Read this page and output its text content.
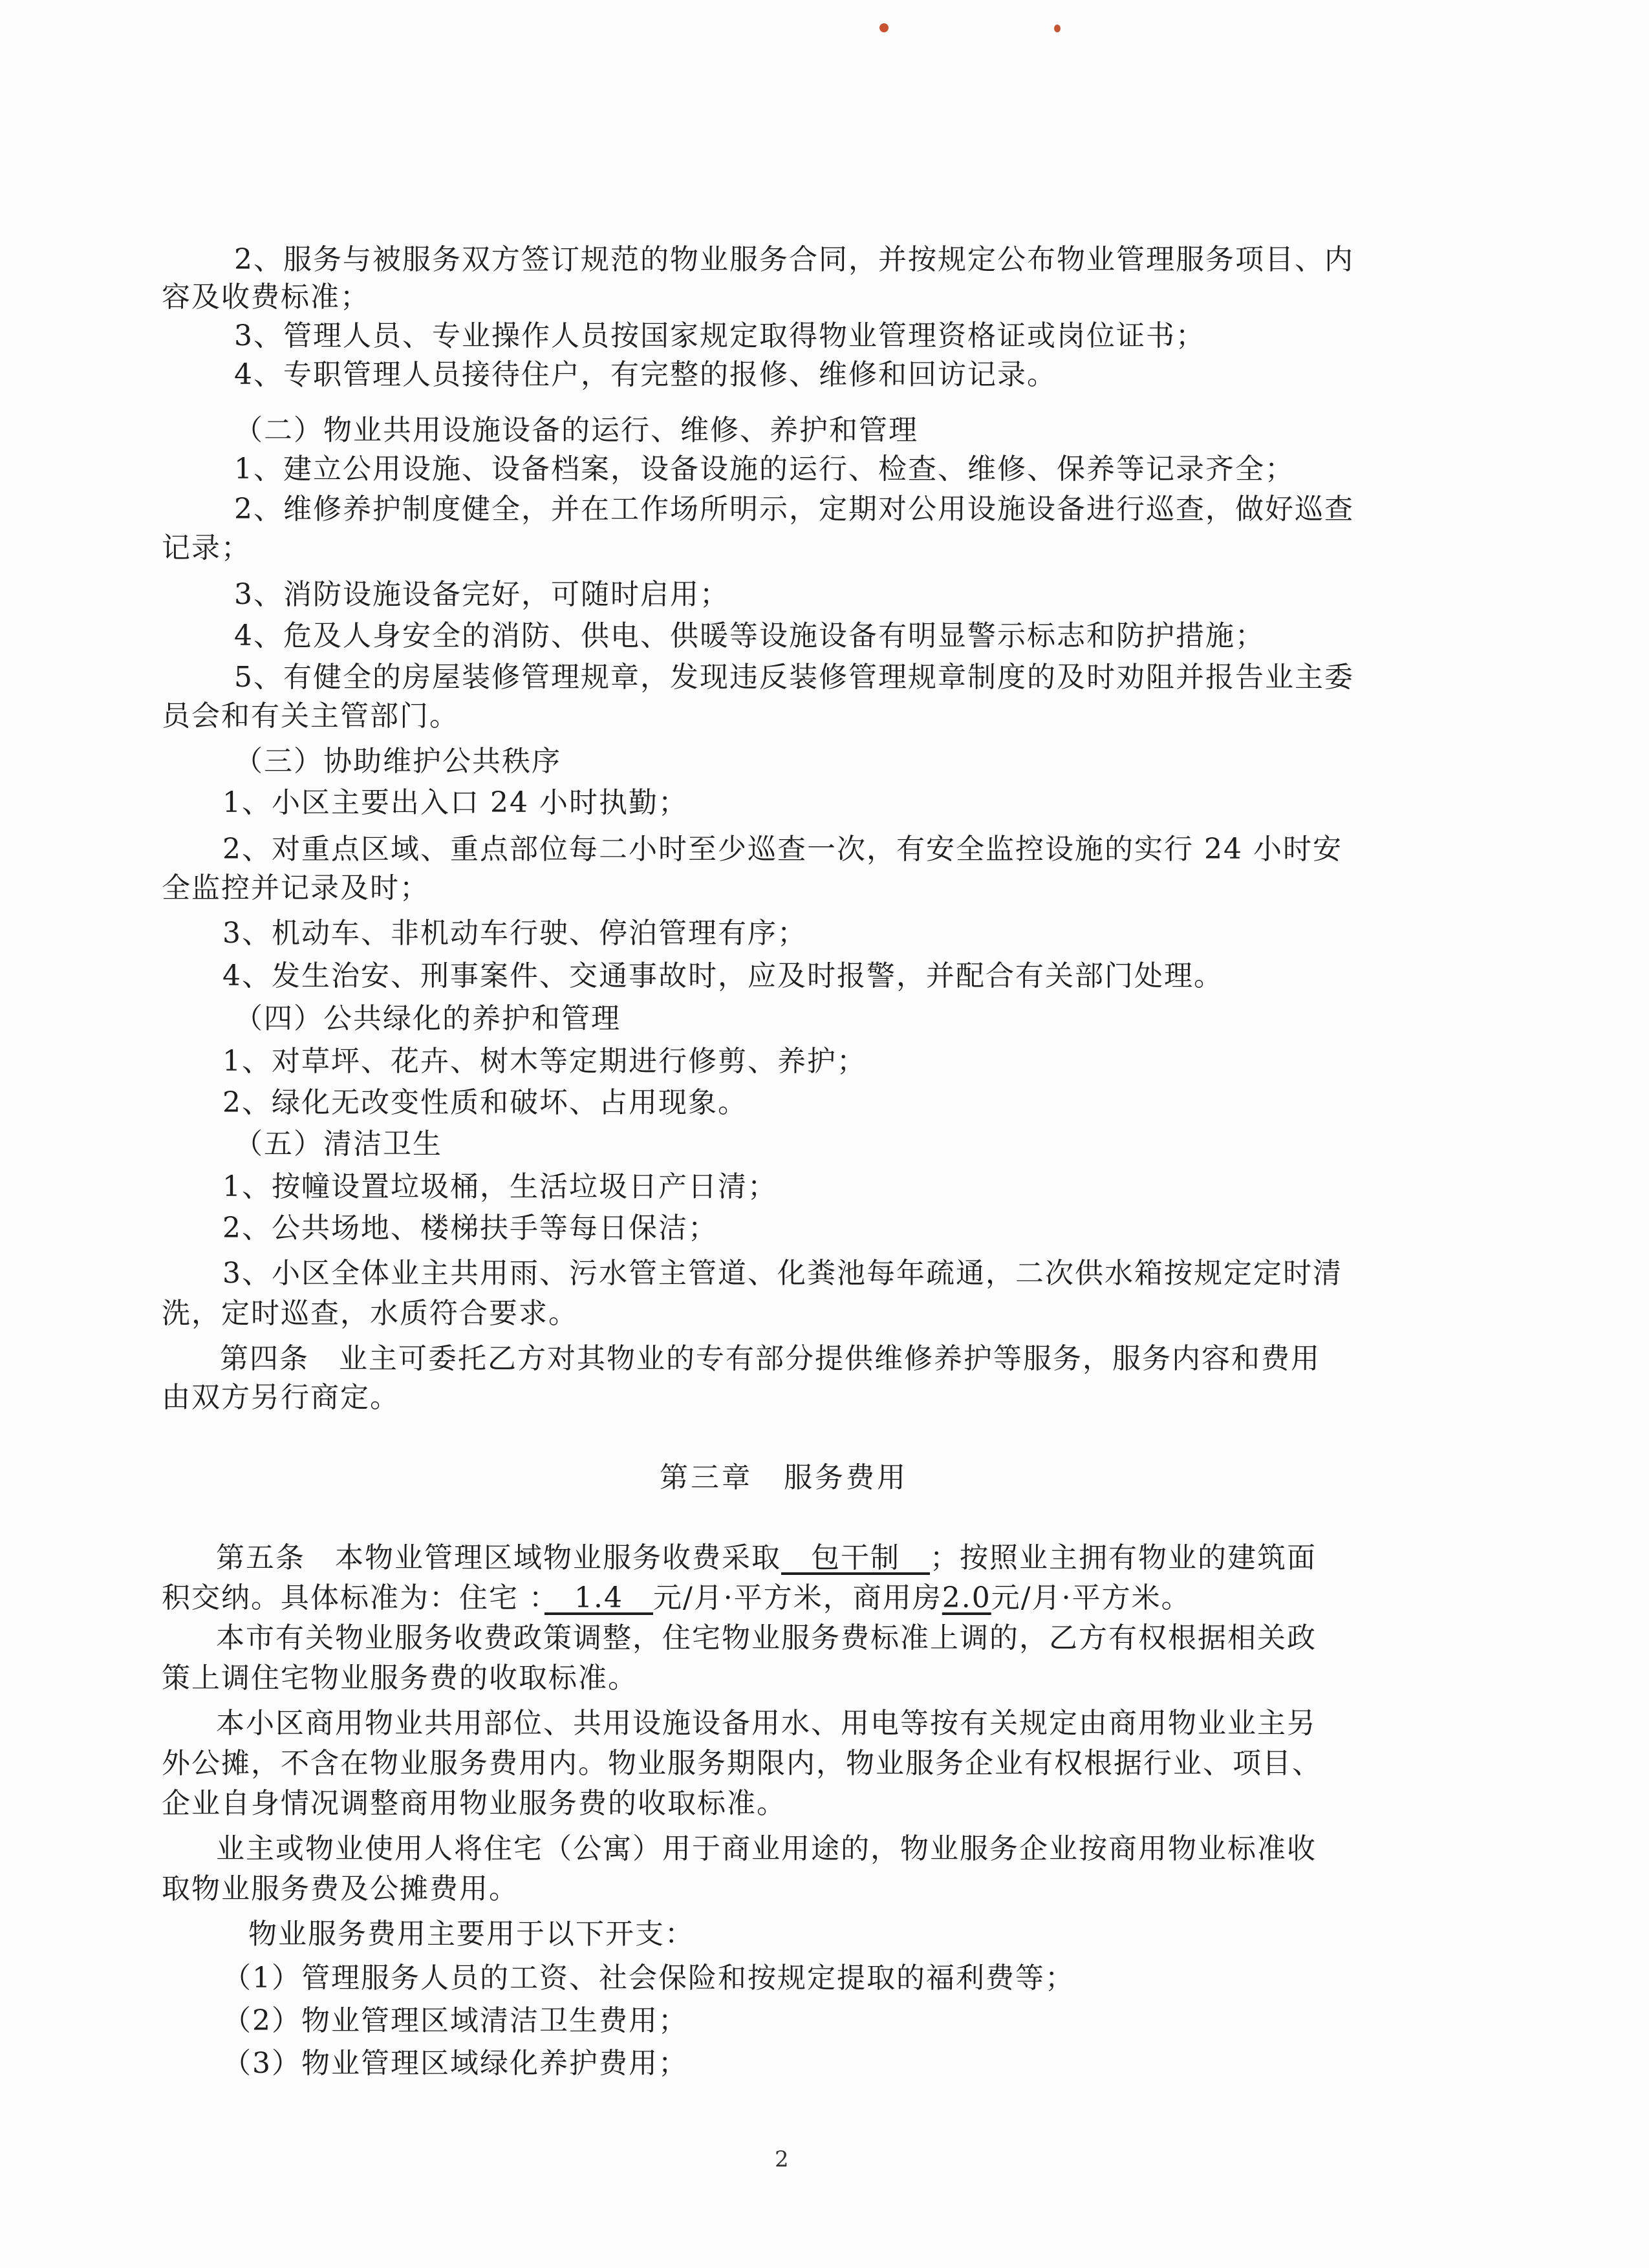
2、服务与被服务双方签订规范的物业服务合同，并按规定公布物业管理服务项目、内
容及收费标准；
3、管理人员、专业操作人员按国家规定取得物业管理资格证或岗位证书；
4、专职管理人员接待住户，有完整的报修、维修和回访记录。
（二）物业共用设施设备的运行、维修、养护和管理
1、建立公用设施、设备档案，设备设施的运行、检查、维修、保养等记录齐全；
2、维修养护制度健全，并在工作场所明示，定期对公用设施设备进行巡查，做好巡查
记录；
3、消防设施设备完好，可随时启用；
4、危及人身安全的消防、供电、供暖等设施设备有明显警示标志和防护措施；
5、有健全的房屋装修管理规章，发现违反装修管理规章制度的及时劝阻并报告业主委
员会和有关主管部门。
（三）协助维护公共秩序
1、小区主要出入口 24 小时执勤；
2、对重点区域、重点部位每二小时至少巡查一次，有安全监控设施的实行 24 小时安
全监控并记录及时；
3、机动车、非机动车行驶、停泊管理有序；
4、发生治安、刑事案件、交通事故时，应及时报警，并配合有关部门处理。
（四）公共绿化的养护和管理
1、对草坪、花卉、树木等定期进行修剪、养护；
2、绿化无改变性质和破坏、占用现象。
（五）清洁卫生
1、按幢设置垃圾桶，生活垃圾日产日清；
2、公共场地、楼梯扶手等每日保洁；
3、小区全体业主共用雨、污水管主管道、化粪池每年疏通，二次供水箱按规定定时清
洗，定时巡查，水质符合要求。
第四条　业主可委托乙方对其物业的专有部分提供维修养护等服务，服务内容和费用
由双方另行商定。
第三章　服务费用
第五条　本物业管理区域物业服务收费采取　包干制　；按照业主拥有物业的建筑面
积交纳。具体标准为：住宅 ：　1.4　元/月·平方米，商用房2.0元/月·平方米。
本市有关物业服务收费政策调整，住宅物业服务费标准上调的，乙方有权根据相关政
策上调住宅物业服务费的收取标准。
本小区商用物业共用部位、共用设施设备用水、用电等按有关规定由商用物业业主另
外公摊，不含在物业服务费用内。物业服务期限内，物业服务企业有权根据行业、项目、
企业自身情况调整商用物业服务费的收取标准。
业主或物业使用人将住宅（公寓）用于商业用途的，物业服务企业按商用物业标准收
取物业服务费及公摊费用。
物业服务费用主要用于以下开支：
（1）管理服务人员的工资、社会保险和按规定提取的福利费等；
（2）物业管理区域清洁卫生费用；
（3）物业管理区域绿化养护费用；
2
